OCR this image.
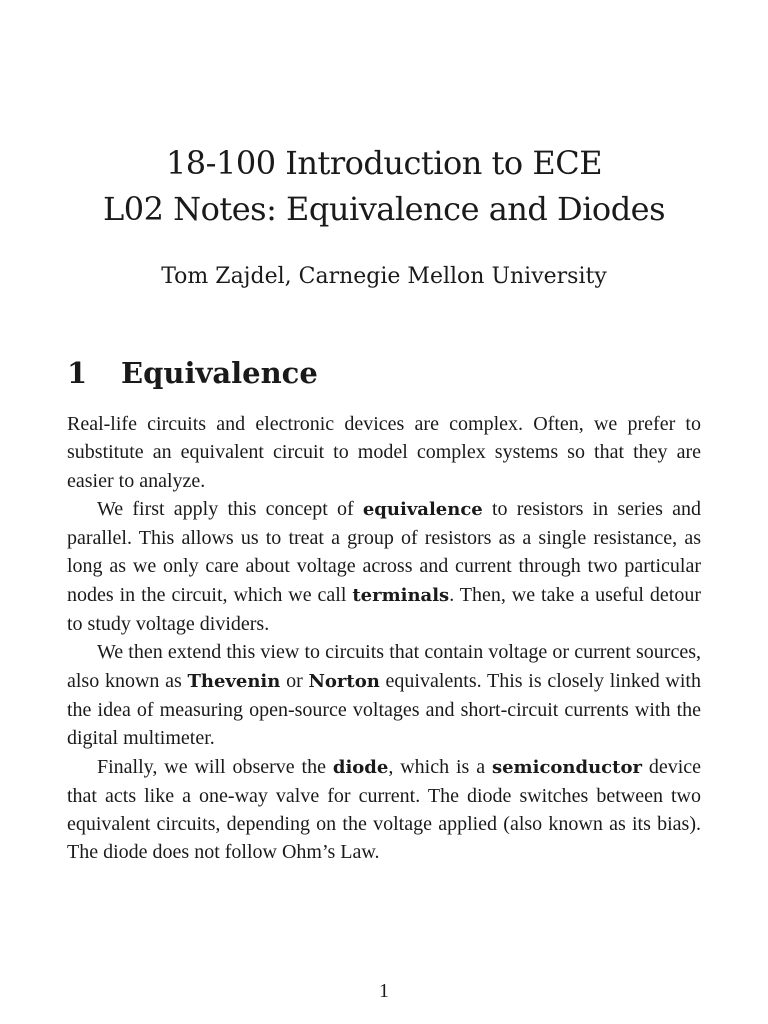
18-100 Introduction to ECE
L02 Notes: Equivalence and Diodes
Tom Zajdel, Carnegie Mellon University
1 Equivalence

Real-life circuits and electronic devices are complex. Often, we prefer to substitute an equivalent circuit to model complex systems so that they are easier to analyze.

We first apply this concept of equivalence to resistors in series and parallel. This allows us to treat a group of resistors as a single resistance, as long as we only care about voltage across and current through two particular nodes in the circuit, which we call terminals. Then, we take a useful detour to study voltage dividers.

We then extend this view to circuits that contain voltage or current sources, also known as Thevenin or Norton equivalents. This is closely linked with the idea of measuring open-source voltages and short-circuit currents with the digital multimeter.

Finally, we will observe the diode, which is a semiconductor device that acts like a one-way valve for current. The diode switches between two equivalent circuits, depending on the voltage applied (also known as its bias). The diode does not follow Ohm’s Law.

1
